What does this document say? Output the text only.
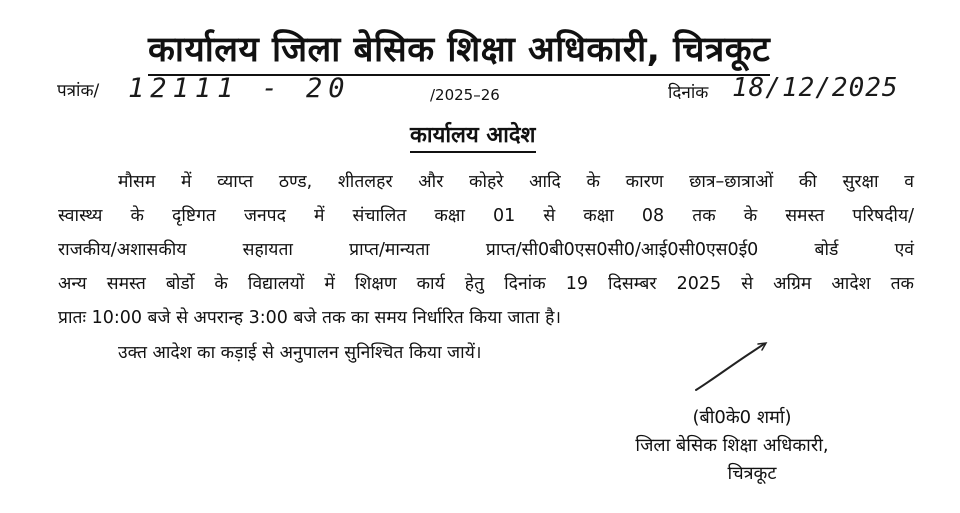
कार्यालय जिला बेसिक शिक्षा अधिकारी, चित्रकूट
पत्रांक/ 12111 - 20	/2025–26	दिनांक 18/12/2025
कार्यालय आदेश
मौसम में व्याप्त ठण्ड, शीतलहर और कोहरे आदि के कारण छात्र–छात्राओं की सुरक्षा व
स्वास्थ्य के दृष्टिगत जनपद में संचालित कक्षा 01 से कक्षा 08 तक के समस्त परिषदीय/
राजकीय/अशासकीय सहायता प्राप्त/मान्यता प्राप्त/सी0बी0एस0सी0/आई0सी0एस0ई0 बोर्ड एवं
अन्य समस्त बोर्डो के विद्यालयों में शिक्षण कार्य हेतु दिनांक 19 दिसम्बर 2025 से अग्रिम आदेश तक
प्रातः 10:00 बजे से अपरान्ह 3:00 बजे तक का समय निर्धारित किया जाता है।
उक्त आदेश का कड़ाई से अनुपालन सुनिश्चित किया जायें।
(बी0के0 शर्मा)
जिला बेसिक शिक्षा अधिकारी,
चित्रकूट
